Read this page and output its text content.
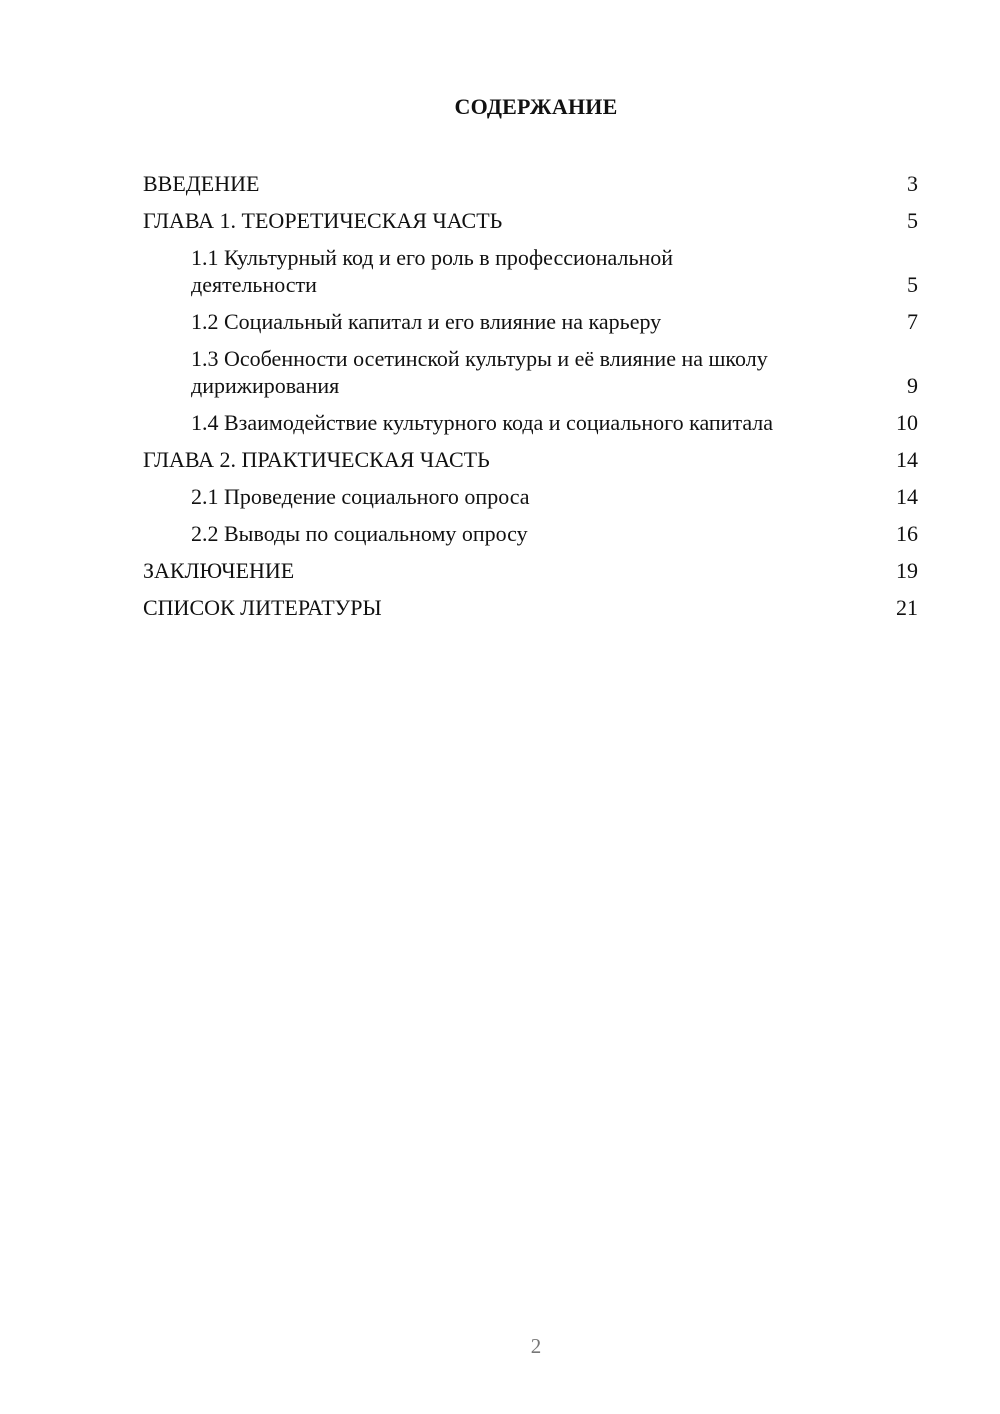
СОДЕРЖАНИЕ
ВВЕДЕНИЕ	3
ГЛАВА 1. ТЕОРЕТИЧЕСКАЯ ЧАСТЬ	5
1.1 Культурный код и его роль в профессиональной деятельности	5
1.2 Социальный капитал и его влияние на карьеру	7
1.3 Особенности осетинской культуры и её влияние на школу дирижирования	9
1.4 Взаимодействие культурного кода и социального капитала	10
ГЛАВА 2. ПРАКТИЧЕСКАЯ ЧАСТЬ	14
2.1 Проведение социального опроса	14
2.2 Выводы по социальному опросу	16
ЗАКЛЮЧЕНИЕ	19
СПИСОК ЛИТЕРАТУРЫ	21
2
